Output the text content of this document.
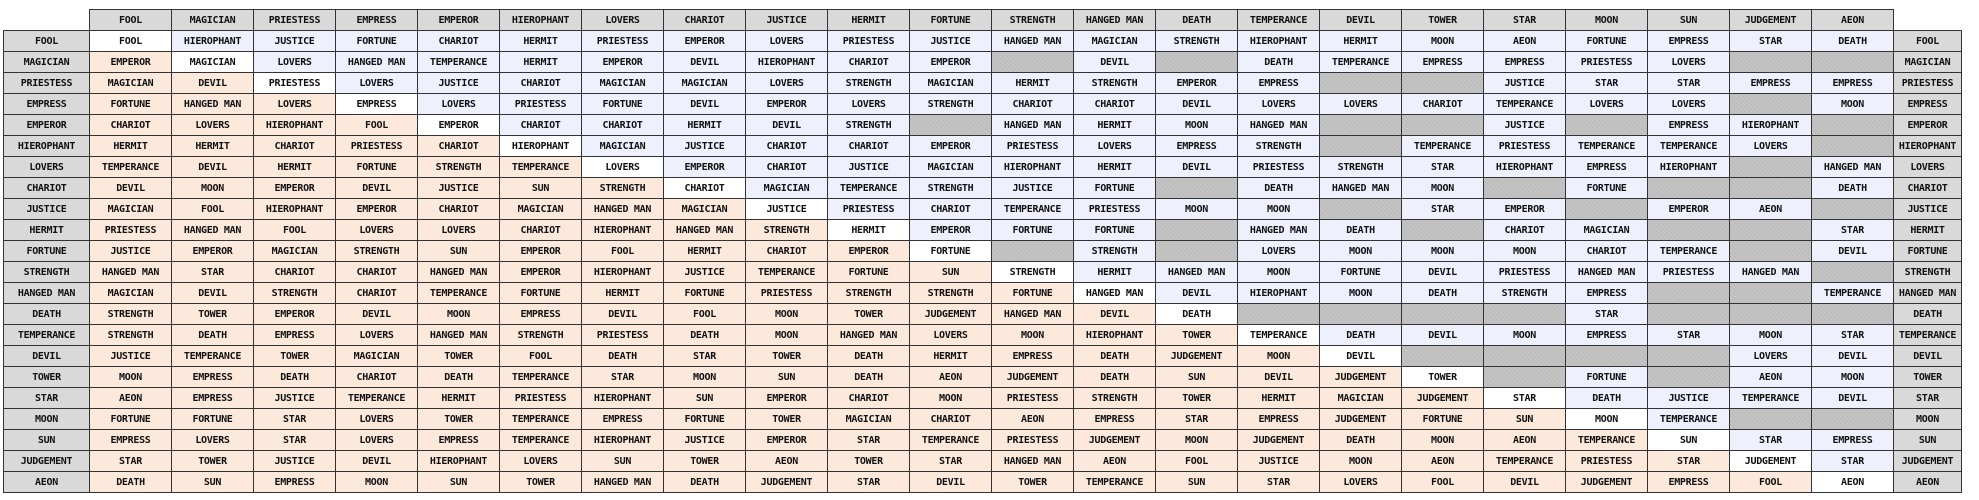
	FOOL	MAGICIAN	PRIESTESS	EMPRESS	EMPEROR	HIEROPHANT	LOVERS	CHARIOT	JUSTICE	HERMIT	FORTUNE	STRENGTH	HANGED MAN	DEATH	TEMPERANCE	DEVIL	TOWER	STAR	MOON	SUN	JUDGEMENT	AEON	
FOOL	FOOL	HIEROPHANT	JUSTICE	FORTUNE	CHARIOT	HERMIT	PRIESTESS	EMPEROR	LOVERS	PRIESTESS	JUSTICE	HANGED MAN	MAGICIAN	STRENGTH	HIEROPHANT	HERMIT	MOON	AEON	FORTUNE	EMPRESS	STAR	DEATH	FOOL
MAGICIAN	EMPEROR	MAGICIAN	LOVERS	HANGED MAN	TEMPERANCE	HERMIT	EMPEROR	DEVIL	HIEROPHANT	CHARIOT	EMPEROR		DEVIL		DEATH	TEMPERANCE	EMPRESS	EMPRESS	PRIESTESS	LOVERS			MAGICIAN
PRIESTESS	MAGICIAN	DEVIL	PRIESTESS	LOVERS	JUSTICE	CHARIOT	MAGICIAN	MAGICIAN	LOVERS	STRENGTH	MAGICIAN	HERMIT	STRENGTH	EMPEROR	EMPRESS			JUSTICE	STAR	STAR	EMPRESS	EMPRESS	PRIESTESS
EMPRESS	FORTUNE	HANGED MAN	LOVERS	EMPRESS	LOVERS	PRIESTESS	FORTUNE	DEVIL	EMPEROR	LOVERS	STRENGTH	CHARIOT	CHARIOT	DEVIL	LOVERS	LOVERS	CHARIOT	TEMPERANCE	LOVERS	LOVERS		MOON	EMPRESS
EMPEROR	CHARIOT	LOVERS	HIEROPHANT	FOOL	EMPEROR	CHARIOT	CHARIOT	HERMIT	DEVIL	STRENGTH		HANGED MAN	HERMIT	MOON	HANGED MAN			JUSTICE		EMPRESS	HIEROPHANT		EMPEROR
HIEROPHANT	HERMIT	HERMIT	CHARIOT	PRIESTESS	CHARIOT	HIEROPHANT	MAGICIAN	JUSTICE	CHARIOT	CHARIOT	EMPEROR	PRIESTESS	LOVERS	EMPRESS	STRENGTH		TEMPERANCE	PRIESTESS	TEMPERANCE	TEMPERANCE	LOVERS		HIEROPHANT
LOVERS	TEMPERANCE	DEVIL	HERMIT	FORTUNE	STRENGTH	TEMPERANCE	LOVERS	EMPEROR	CHARIOT	JUSTICE	MAGICIAN	HIEROPHANT	HERMIT	DEVIL	PRIESTESS	STRENGTH	STAR	HIEROPHANT	EMPRESS	HIEROPHANT		HANGED MAN	LOVERS
CHARIOT	DEVIL	MOON	EMPEROR	DEVIL	JUSTICE	SUN	STRENGTH	CHARIOT	MAGICIAN	TEMPERANCE	STRENGTH	JUSTICE	FORTUNE		DEATH	HANGED MAN	MOON		FORTUNE			DEATH	CHARIOT
JUSTICE	MAGICIAN	FOOL	HIEROPHANT	EMPEROR	CHARIOT	MAGICIAN	HANGED MAN	MAGICIAN	JUSTICE	PRIESTESS	CHARIOT	TEMPERANCE	PRIESTESS	MOON	MOON		STAR	EMPEROR		EMPEROR	AEON		JUSTICE
HERMIT	PRIESTESS	HANGED MAN	FOOL	LOVERS	LOVERS	CHARIOT	HIEROPHANT	HANGED MAN	STRENGTH	HERMIT	EMPEROR	FORTUNE	FORTUNE		HANGED MAN	DEATH		CHARIOT	MAGICIAN			STAR	HERMIT
FORTUNE	JUSTICE	EMPEROR	MAGICIAN	STRENGTH	SUN	EMPEROR	FOOL	HERMIT	CHARIOT	EMPEROR	FORTUNE		STRENGTH		LOVERS	MOON	MOON	MOON	CHARIOT	TEMPERANCE		DEVIL	FORTUNE
STRENGTH	HANGED MAN	STAR	CHARIOT	CHARIOT	HANGED MAN	EMPEROR	HIEROPHANT	JUSTICE	TEMPERANCE	FORTUNE	SUN	STRENGTH	HERMIT	HANGED MAN	MOON	FORTUNE	DEVIL	PRIESTESS	HANGED MAN	PRIESTESS	HANGED MAN		STRENGTH
HANGED MAN	MAGICIAN	DEVIL	STRENGTH	CHARIOT	TEMPERANCE	FORTUNE	HERMIT	FORTUNE	PRIESTESS	STRENGTH	STRENGTH	FORTUNE	HANGED MAN	DEVIL	HIEROPHANT	MOON	DEATH	STRENGTH	EMPRESS			TEMPERANCE	HANGED MAN
DEATH	STRENGTH	TOWER	EMPEROR	DEVIL	MOON	EMPRESS	DEVIL	FOOL	MOON	TOWER	JUDGEMENT	HANGED MAN	DEVIL	DEATH					STAR				DEATH
TEMPERANCE	STRENGTH	DEATH	EMPRESS	LOVERS	HANGED MAN	STRENGTH	PRIESTESS	DEATH	MOON	HANGED MAN	LOVERS	MOON	HIEROPHANT	TOWER	TEMPERANCE	DEATH	DEVIL	MOON	EMPRESS	STAR	MOON	STAR	TEMPERANCE
DEVIL	JUSTICE	TEMPERANCE	TOWER	MAGICIAN	TOWER	FOOL	DEATH	STAR	TOWER	DEATH	HERMIT	EMPRESS	DEATH	JUDGEMENT	MOON	DEVIL					LOVERS	DEVIL	DEVIL
TOWER	MOON	EMPRESS	DEATH	CHARIOT	DEATH	TEMPERANCE	STAR	MOON	SUN	DEATH	AEON	JUDGEMENT	DEATH	SUN	DEVIL	JUDGEMENT	TOWER		FORTUNE		AEON	MOON	TOWER
STAR	AEON	EMPRESS	JUSTICE	TEMPERANCE	HERMIT	PRIESTESS	HIEROPHANT	SUN	EMPEROR	CHARIOT	MOON	PRIESTESS	STRENGTH	TOWER	HERMIT	MAGICIAN	JUDGEMENT	STAR	DEATH	JUSTICE	TEMPERANCE	DEVIL	STAR
MOON	FORTUNE	FORTUNE	STAR	LOVERS	TOWER	TEMPERANCE	EMPRESS	FORTUNE	TOWER	MAGICIAN	CHARIOT	AEON	EMPRESS	STAR	EMPRESS	JUDGEMENT	FORTUNE	SUN	MOON	TEMPERANCE			MOON
SUN	EMPRESS	LOVERS	STAR	LOVERS	EMPRESS	TEMPERANCE	HIEROPHANT	JUSTICE	EMPEROR	STAR	TEMPERANCE	PRIESTESS	JUDGEMENT	MOON	JUDGEMENT	DEATH	MOON	AEON	TEMPERANCE	SUN	STAR	EMPRESS	SUN
JUDGEMENT	STAR	TOWER	JUSTICE	DEVIL	HIEROPHANT	LOVERS	SUN	TOWER	AEON	TOWER	STAR	HANGED MAN	AEON	FOOL	JUSTICE	MOON	AEON	TEMPERANCE	PRIESTESS	STAR	JUDGEMENT	STAR	JUDGEMENT
AEON	DEATH	SUN	EMPRESS	MOON	SUN	TOWER	HANGED MAN	DEATH	JUDGEMENT	STAR	DEVIL	TOWER	TEMPERANCE	SUN	STAR	LOVERS	FOOL	DEVIL	JUDGEMENT	EMPRESS	FOOL	AEON	AEON
